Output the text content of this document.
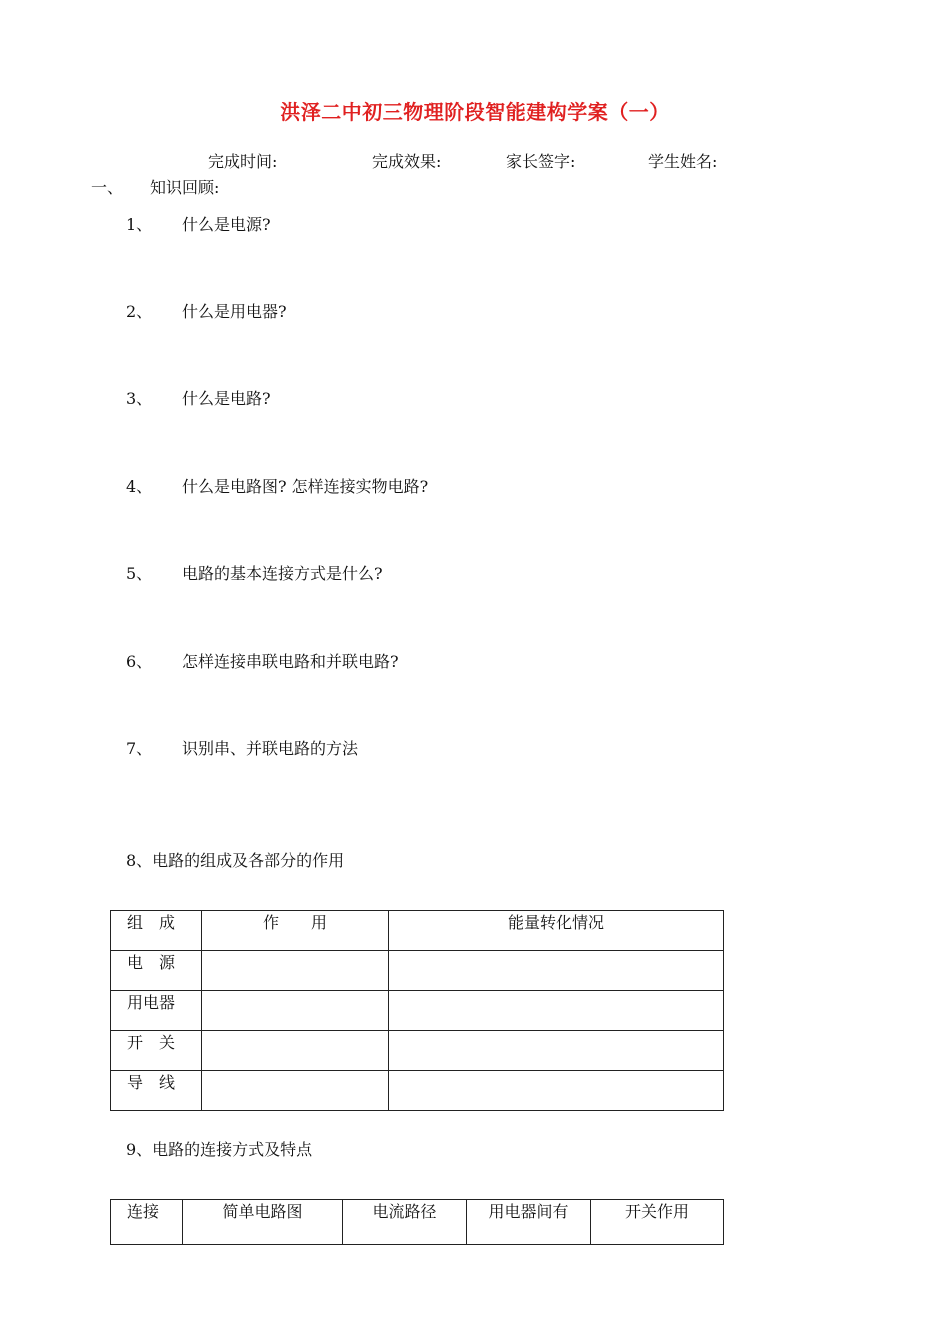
洪泽二中初三物理阶段智能建构学案（一）
完成时间:	完成效果:	家长签字:	学生姓名:
一、 知识回顾:
1、 什么是电源?
2、 什么是用电器?
3、 什么是电路?
4、 什么是电路图? 怎样连接实物电路?
5、 电路的基本连接方式是什么?
6、 怎样连接串联电路和并联电路?
7、 识别串、并联电路的方法
8、电路的组成及各部分的作用
组　成	作　　用	能量转化情况
电　源		
用电器		
开　关		
导　线		
9、电路的连接方式及特点
连接	简单电路图	电流路径	用电器间有	开关作用
